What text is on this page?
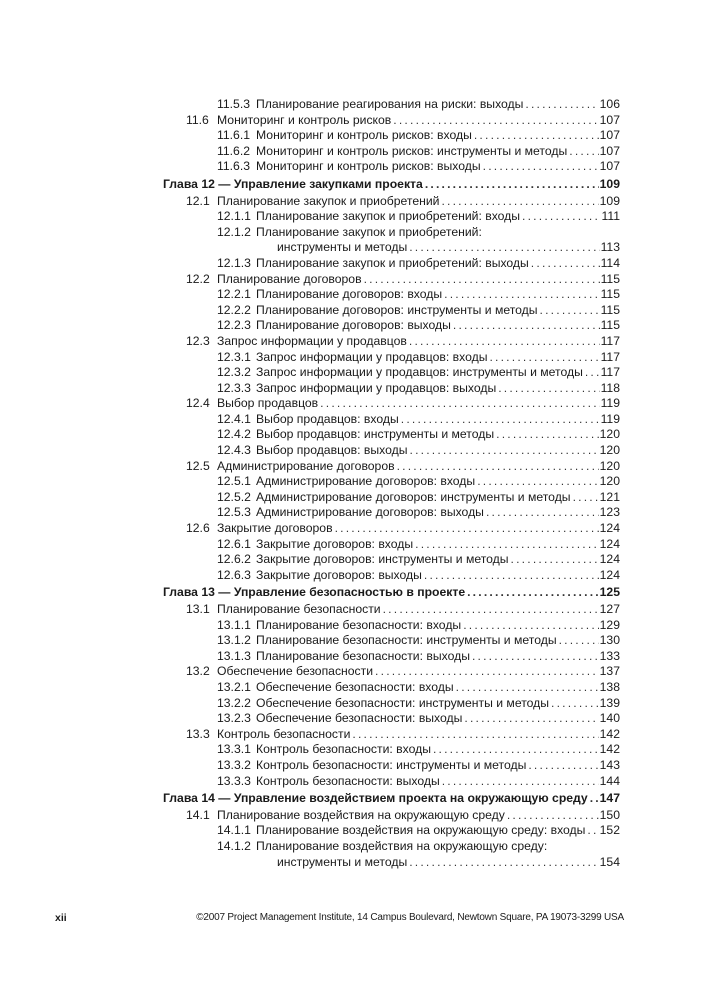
11.5.3 Планирование реагирования на риски: выходы . . .	106
11.6 Мониторинг и контроль рисков . . .	107
11.6.1 Мониторинг и контроль рисков: входы . . .	107
11.6.2 Мониторинг и контроль рисков: инструменты и методы . . .	107
11.6.3 Мониторинг и контроль рисков: выходы . . .	107
Глава 12 — Управление закупками проекта . . .	109
12.1 Планирование закупок и приобретений . . .	109
12.1.1 Планирование закупок и приобретений: входы . . .	111
12.1.2 Планирование закупок и приобретений:
инструменты и методы . . .	113
12.1.3 Планирование закупок и приобретений: выходы . . .	114
12.2 Планирование договоров . . .	115
12.2.1 Планирование договоров: входы . . .	115
12.2.2 Планирование договоров: инструменты и методы . . .	115
12.2.3 Планирование договоров: выходы . . .	115
12.3 Запрос информации у продавцов . . .	117
12.3.1 Запрос информации у продавцов: входы . . .	117
12.3.2 Запрос информации у продавцов: инструменты и методы . . . 117
12.3.3 Запрос информации у продавцов: выходы . . .	118
12.4 Выбор продавцов . . .	119
12.4.1 Выбор продавцов: входы . . .	119
12.4.2 Выбор продавцов: инструменты и методы . . .	120
12.4.3 Выбор продавцов: выходы . . .	120
12.5 Администрирование договоров . . .	120
12.5.1 Администрирование договоров: входы . . .	120
12.5.2 Администрирование договоров: инструменты и методы . . . 121
12.5.3 Администрирование договоров: выходы . . .	123
12.6 Закрытие договоров . . .	124
12.6.1 Закрытие договоров: входы . . .	124
12.6.2 Закрытие договоров: инструменты и методы . . .	124
12.6.3 Закрытие договоров: выходы . . .	124
Глава 13 — Управление безопасностью в проекте . . .	125
13.1 Планирование безопасности . . .	127
13.1.1 Планирование безопасности: входы . . .	129
13.1.2 Планирование безопасности: инструменты и методы . . .	130
13.1.3 Планирование безопасности: выходы . . .	133
13.2 Обеспечение безопасности . . .	137
13.2.1 Обеспечение безопасности: входы . . .	138
13.2.2 Обеспечение безопасности: инструменты и методы . . .	139
13.2.3 Обеспечение безопасности: выходы . . .	140
13.3 Контроль безопасности . . .	142
13.3.1 Контроль безопасности: входы . . .	142
13.3.2 Контроль безопасности: инструменты и методы . . .	143
13.3.3 Контроль безопасности: выходы . . .	144
Глава 14 — Управление воздействием проекта на окружающую среду . . . 147
14.1 Планирование воздействия на окружающую среду . . .	150
14.1.1 Планирование воздействия на окружающую среду: входы . . . 152
14.1.2 Планирование воздействия на окружающую среду:
инструменты и методы . . .	154
xii	©2007 Project Management Institute, 14 Campus Boulevard, Newtown Square, PA 19073-3299 USA
